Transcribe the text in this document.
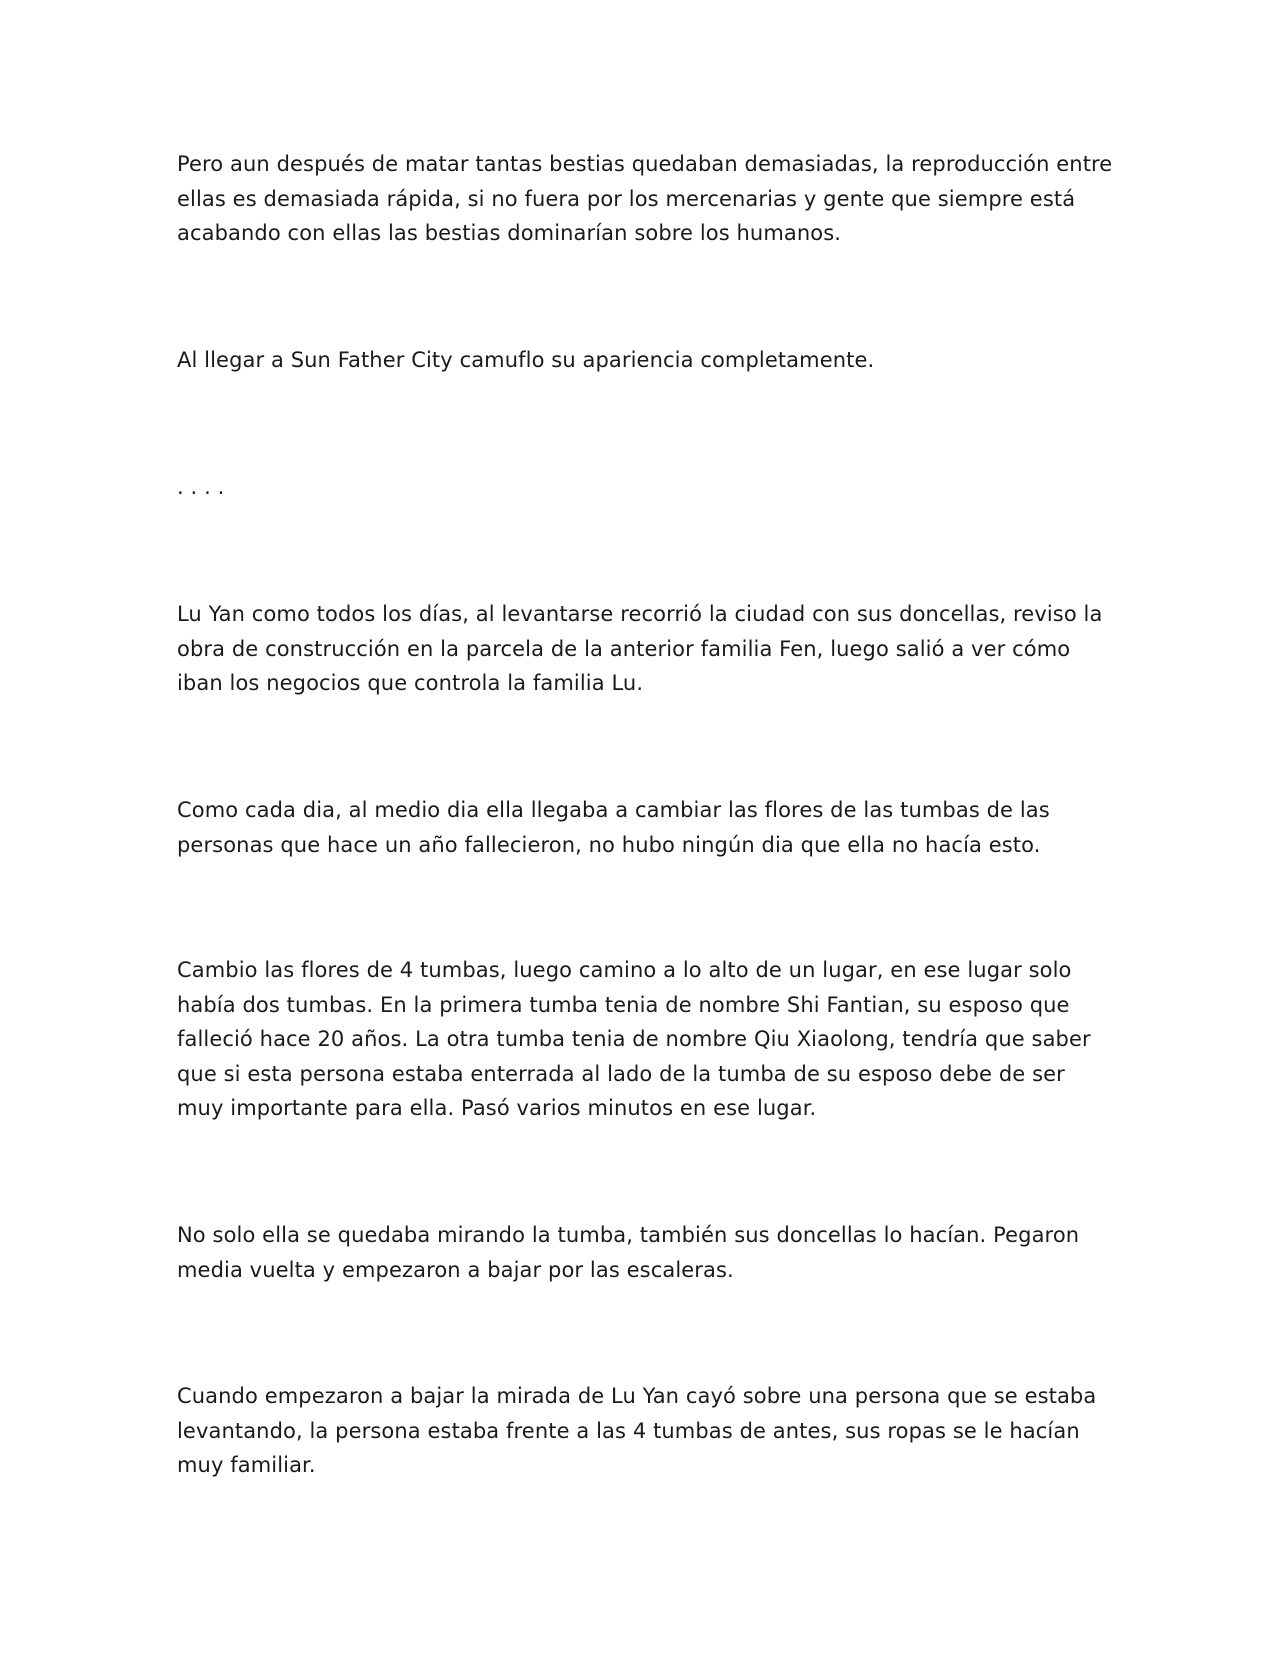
Pero aun después de matar tantas bestias quedaban demasiadas, la reproducción entre ellas es demasiada rápida, si no fuera por los mercenarias y gente que siempre está acabando con ellas las bestias dominarían sobre los humanos.

Al llegar a Sun Father City camuflo su apariencia completamente.

. . . .

Lu Yan como todos los días, al levantarse recorrió la ciudad con sus doncellas, reviso la obra de construcción en la parcela de la anterior familia Fen, luego salió a ver cómo iban los negocios que controla la familia Lu.

Como cada dia, al medio dia ella llegaba a cambiar las flores de las tumbas de las personas que hace un año fallecieron, no hubo ningún dia que ella no hacía esto.

Cambio las flores de 4 tumbas, luego camino a lo alto de un lugar, en ese lugar solo había dos tumbas. En la primera tumba tenia de nombre Shi Fantian, su esposo que falleció hace 20 años. La otra tumba tenia de nombre Qiu Xiaolong, tendría que saber que si esta persona estaba enterrada al lado de la tumba de su esposo debe de ser muy importante para ella. Pasó varios minutos en ese lugar.

No solo ella se quedaba mirando la tumba, también sus doncellas lo hacían. Pegaron media vuelta y empezaron a bajar por las escaleras.

Cuando empezaron a bajar la mirada de Lu Yan cayó sobre una persona que se estaba levantando, la persona estaba frente a las 4 tumbas de antes, sus ropas se le hacían muy familiar.
